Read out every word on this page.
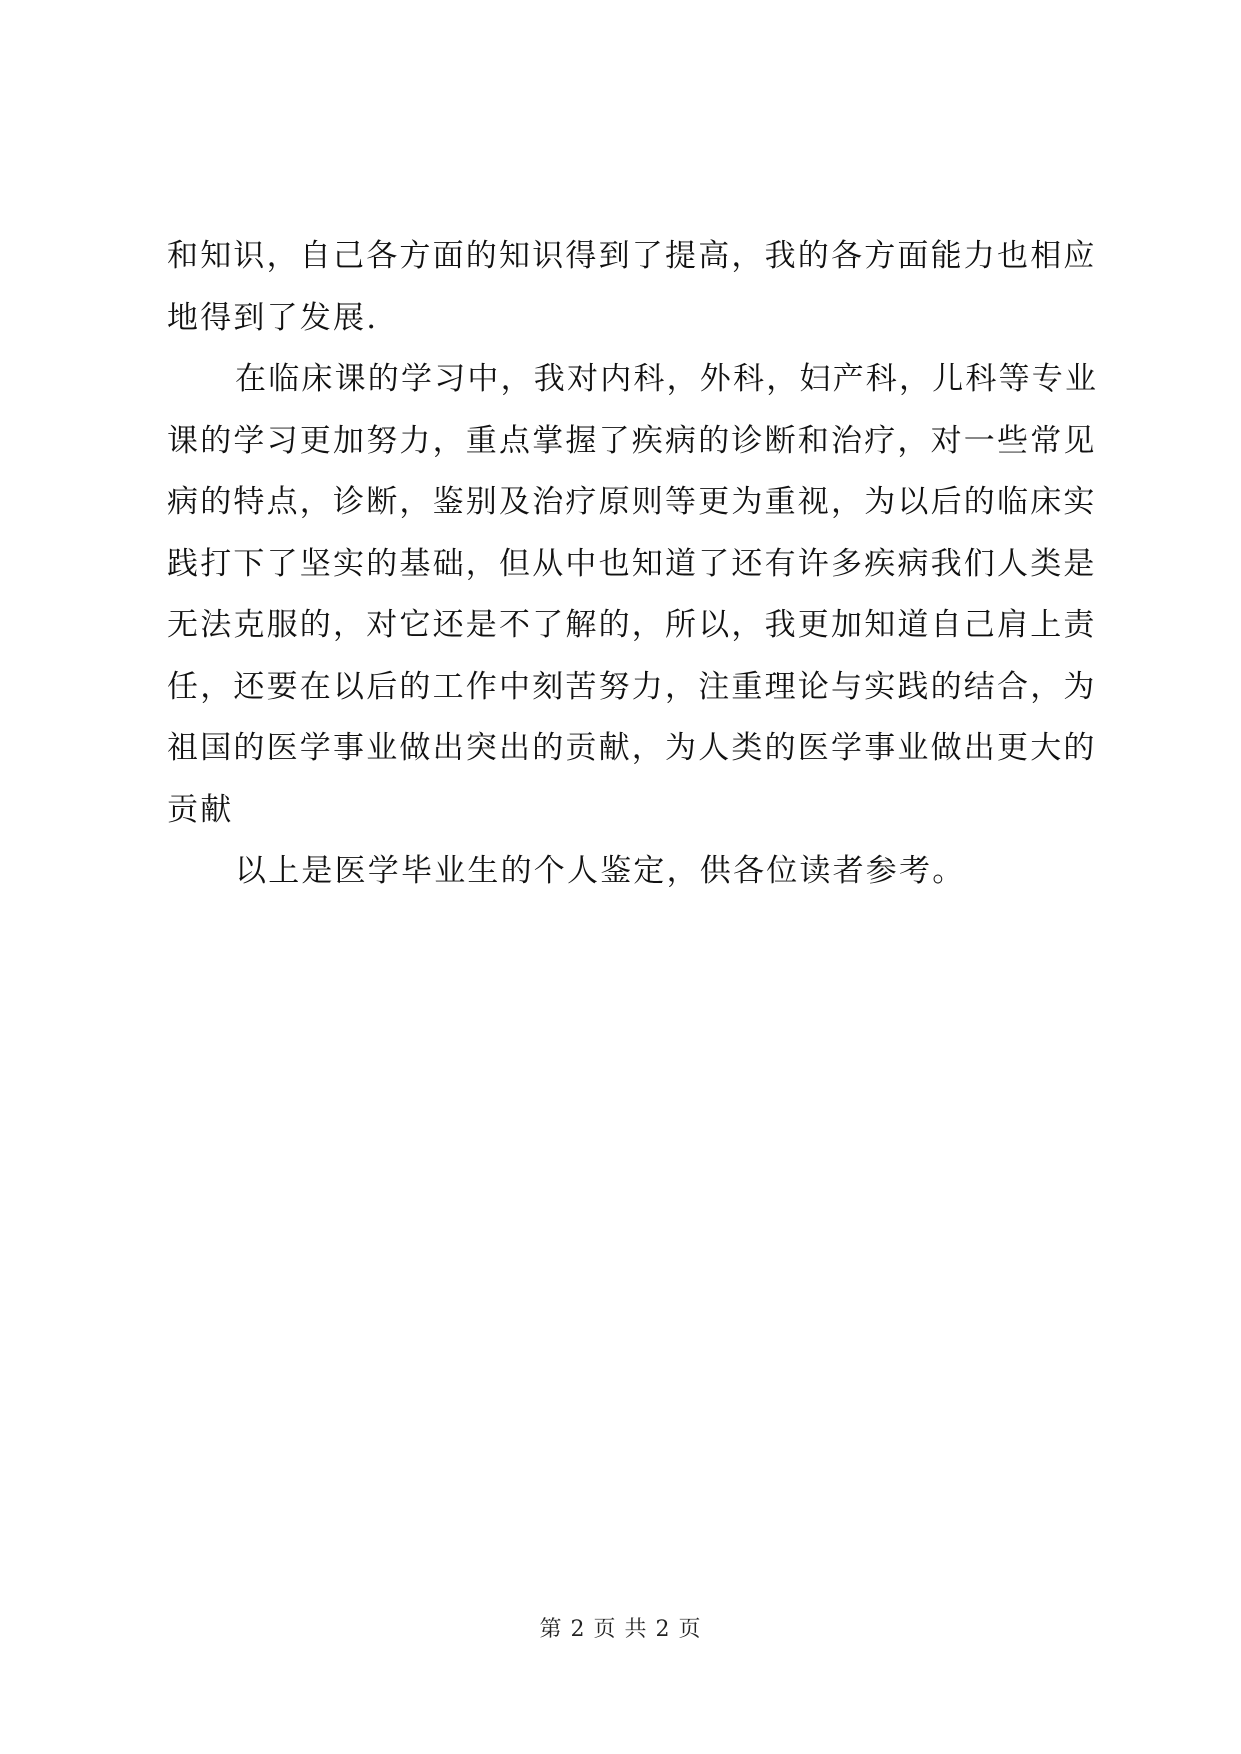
和知识，自己各方面的知识得到了提高，我的各方面能力也相应
地得到了发展.
在临床课的学习中，我对内科，外科，妇产科，儿科等专业
课的学习更加努力，重点掌握了疾病的诊断和治疗，对一些常见
病的特点，诊断，鉴别及治疗原则等更为重视，为以后的临床实
践打下了坚实的基础，但从中也知道了还有许多疾病我们人类是
无法克服的，对它还是不了解的，所以，我更加知道自己肩上责
任，还要在以后的工作中刻苦努力，注重理论与实践的结合，为
祖国的医学事业做出突出的贡献，为人类的医学事业做出更大的
贡献
以上是医学毕业生的个人鉴定，供各位读者参考。
第 2 页 共 2 页
